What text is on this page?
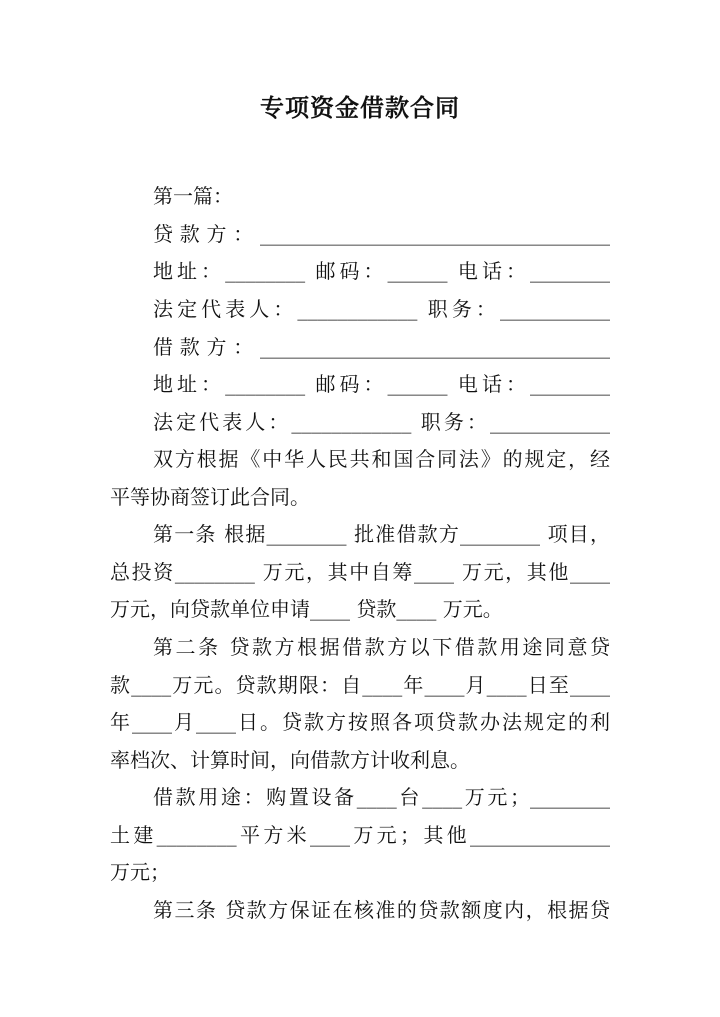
专项资金借款合同
第一篇：
贷款方：___________________________________
地址：________ 邮码：______ 电话：________
法定代表人：____________ 职务：___________
借款方：___________________________________
地址：________ 邮码：______ 电话：________
法定代表人：____________ 职务：____________
双方根据《中华人民共和国合同法》的规定，经
平等协商签订此合同。
第一条 根据________ 批准借款方________ 项目，
总投资________ 万元，其中自筹____ 万元，其他____
万元，向贷款单位申请____ 贷款____ 万元。
第二条 贷款方根据借款方以下借款用途同意贷
款____万元。贷款期限：自____年____月____日至____
年____月____日。贷款方按照各项贷款办法规定的利
率档次、计算时间，向借款方计收利息。
借款用途：购置设备____台____万元；________
土建________平方米____万元；其他______________
万元；
第三条 贷款方保证在核准的贷款额度内，根据贷
